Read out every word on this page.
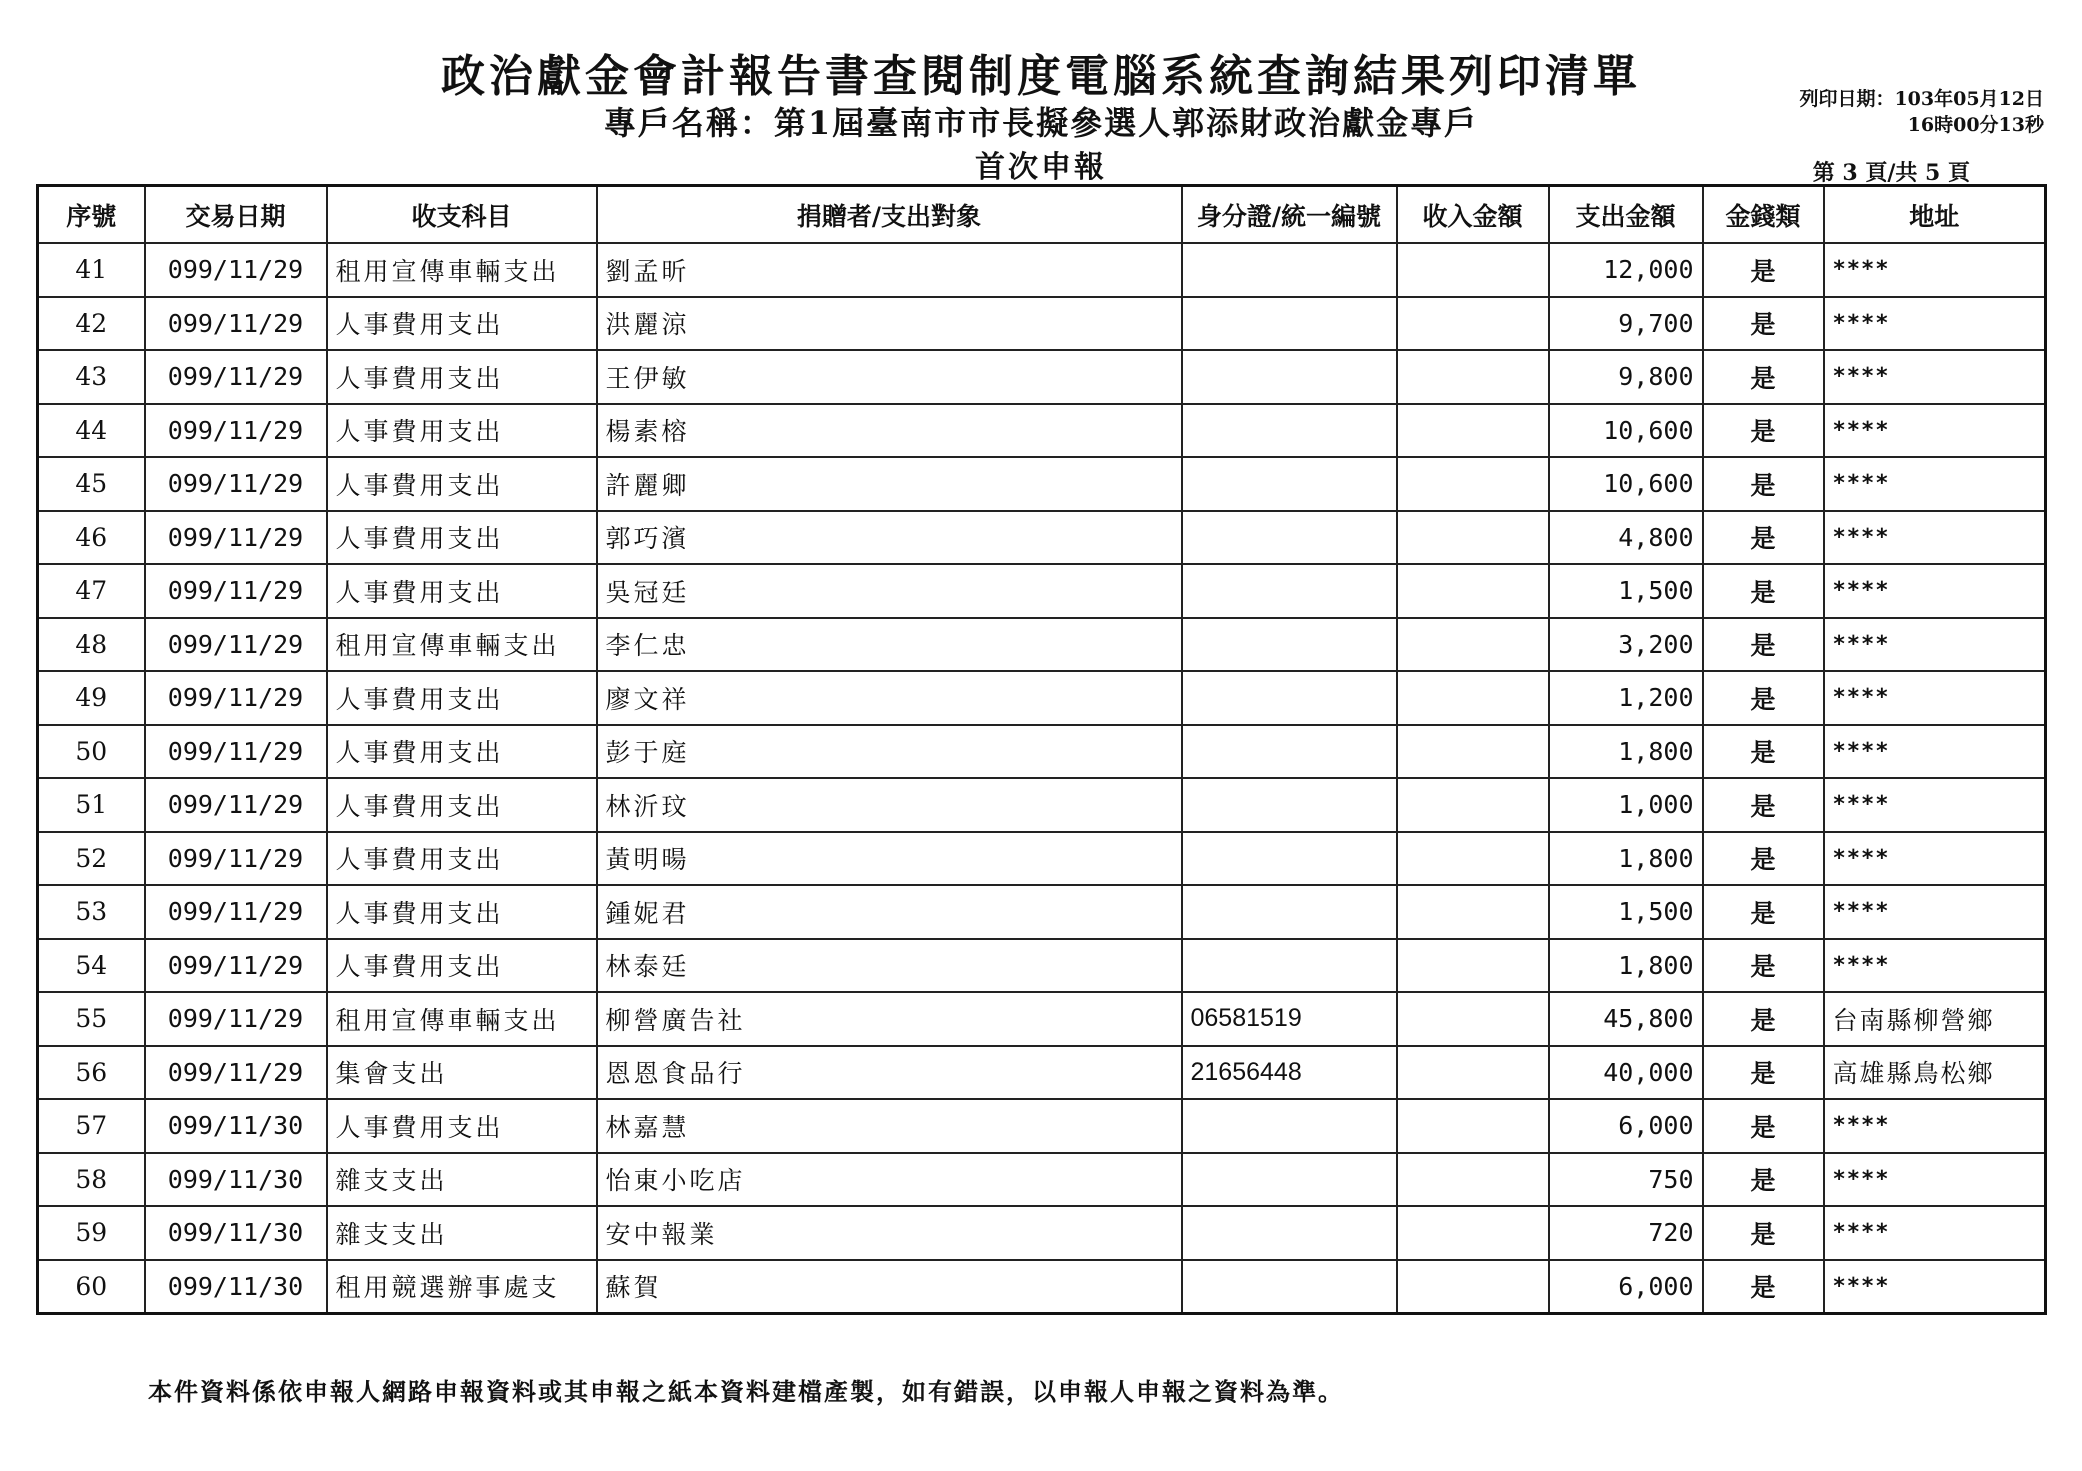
政治獻金會計報告書查閱制度電腦系統查詢結果列印清單
專戶名稱：第1屆臺南市市長擬參選人郭添財政治獻金專戶
首次申報
列印日期：103年05月12日
16時00分13秒
第 3 頁/共 5 頁
序號	交易日期	收支科目	捐贈者/支出對象	身分證/統一編號	收入金額	支出金額	金錢類	地址
41	099/11/29	租用宣傳車輛支出	劉孟昕			12,000	是	****
42	099/11/29	人事費用支出	洪麗涼			9,700	是	****
43	099/11/29	人事費用支出	王伊敏			9,800	是	****
44	099/11/29	人事費用支出	楊素榕			10,600	是	****
45	099/11/29	人事費用支出	許麗卿			10,600	是	****
46	099/11/29	人事費用支出	郭巧濱			4,800	是	****
47	099/11/29	人事費用支出	吳冠廷			1,500	是	****
48	099/11/29	租用宣傳車輛支出	李仁忠			3,200	是	****
49	099/11/29	人事費用支出	廖文祥			1,200	是	****
50	099/11/29	人事費用支出	彭于庭			1,800	是	****
51	099/11/29	人事費用支出	林沂玟			1,000	是	****
52	099/11/29	人事費用支出	黃明暘			1,800	是	****
53	099/11/29	人事費用支出	鍾妮君			1,500	是	****
54	099/11/29	人事費用支出	林泰廷			1,800	是	****
55	099/11/29	租用宣傳車輛支出	柳營廣告社	06581519		45,800	是	台南縣柳營鄉
56	099/11/29	集會支出	恩恩食品行	21656448		40,000	是	高雄縣鳥松鄉
57	099/11/30	人事費用支出	林嘉慧			6,000	是	****
58	099/11/30	雜支支出	怡東小吃店			750	是	****
59	099/11/30	雜支支出	安中報業			720	是	****
60	099/11/30	租用競選辦事處支	蘇賀			6,000	是	****
本件資料係依申報人網路申報資料或其申報之紙本資料建檔產製，如有錯誤，以申報人申報之資料為準。
